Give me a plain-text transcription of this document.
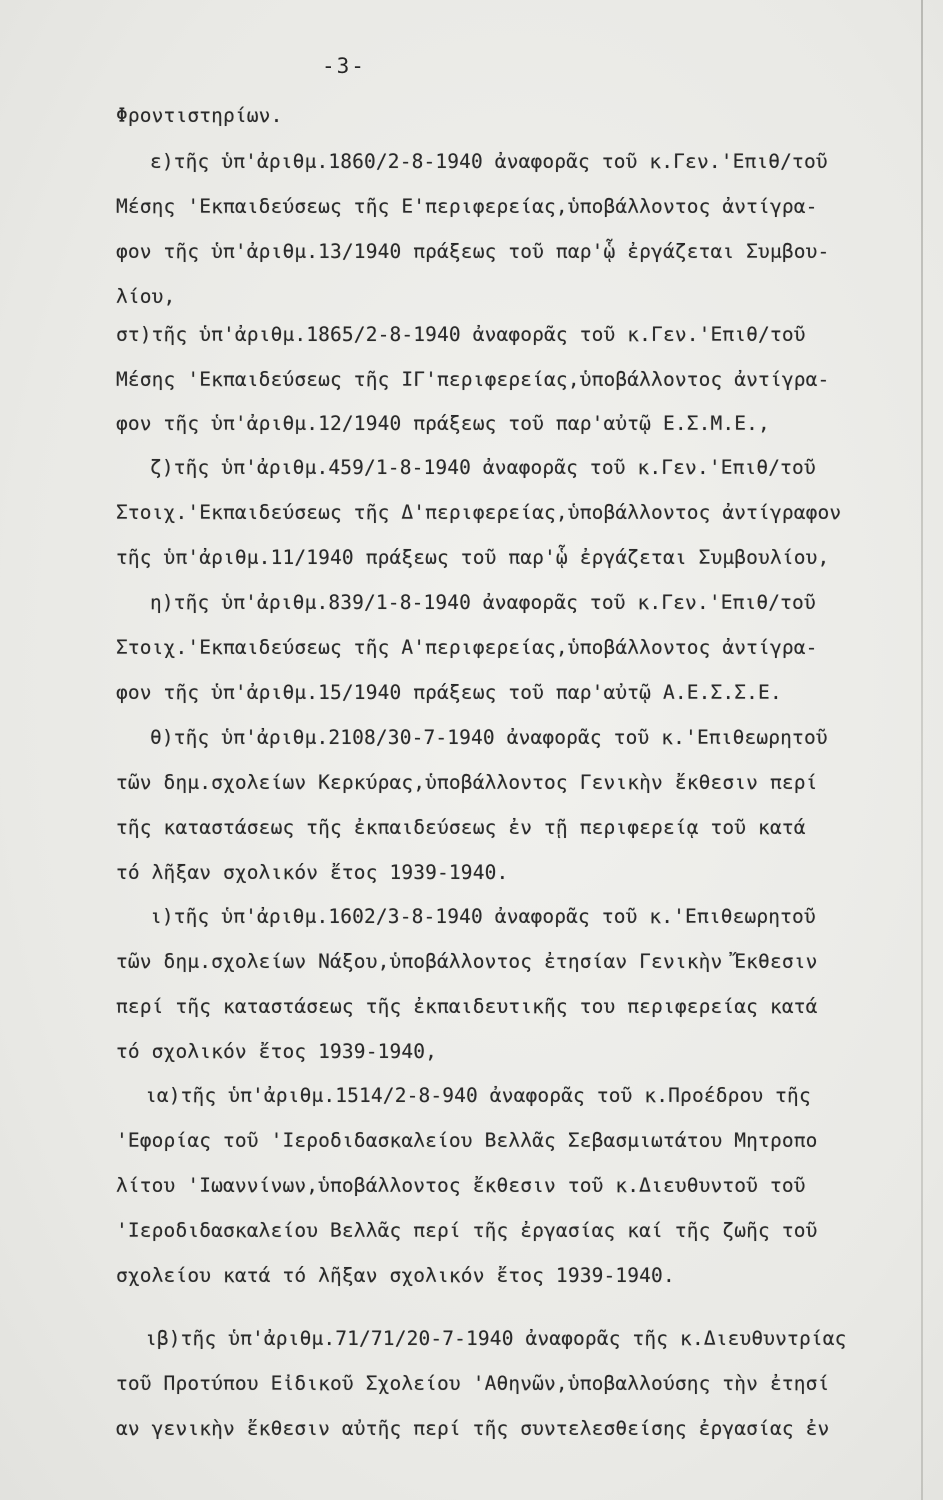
-3-
Φροντιστηρίων.
ε)τῆς ὑπ'ἀριθμ.1860/2-8-1940 ἀναφορᾶς τοῦ κ.Γεν.'Επιθ/τοῦ
Μέσης 'Εκπαιδεύσεως τῆς Ε'περιφερείας,ὑποβάλλοντος ἀντίγρα-
φον τῆς ὑπ'ἀριθμ.13/1940 πράξεως τοῦ παρ'ᾧ ἐργάζεται Συμβου-
λίου,
στ)τῆς ὑπ'ἀριθμ.1865/2-8-1940 ἀναφορᾶς τοῦ κ.Γεν.'Επιθ/τοῦ
Μέσης 'Εκπαιδεύσεως τῆς ΙΓ'περιφερείας,ὑποβάλλοντος ἀντίγρα-
φον τῆς ὑπ'ἀριθμ.12/1940 πράξεως τοῦ παρ'αὐτῷ Ε.Σ.Μ.Ε.,
ζ)τῆς ὑπ'ἀριθμ.459/1-8-1940 ἀναφορᾶς τοῦ κ.Γεν.'Επιθ/τοῦ
Στοιχ.'Εκπαιδεύσεως τῆς Δ'περιφερείας,ὑποβάλλοντος ἀντίγραφον
τῆς ὑπ'ἀριθμ.11/1940 πράξεως τοῦ παρ'ᾧ ἐργάζεται Συμβουλίου,
η)τῆς ὑπ'ἀριθμ.839/1-8-1940 ἀναφορᾶς τοῦ κ.Γεν.'Επιθ/τοῦ
Στοιχ.'Εκπαιδεύσεως τῆς Α'περιφερείας,ὑποβάλλοντος ἀντίγρα-
φον τῆς ὑπ'ἀριθμ.15/1940 πράξεως τοῦ παρ'αὐτῷ Α.Ε.Σ.Σ.Ε.
θ)τῆς ὑπ'ἀριθμ.2108/30-7-1940 ἀναφορᾶς τοῦ κ.'Επιθεωρητοῦ
τῶν δημ.σχολείων Κερκύρας,ὑποβάλλοντος Γενικὴν ἔκθεσιν περί
τῆς καταστάσεως τῆς ἐκπαιδεύσεως ἐν τῇ περιφερείᾳ τοῦ κατά
τό λῆξαν σχολικόν ἔτος 1939-1940.
ι)τῆς ὑπ'ἀριθμ.1602/3-8-1940 ἀναφορᾶς τοῦ κ.'Επιθεωρητοῦ
τῶν δημ.σχολείων Νάξου,ὑποβάλλοντος ἐτησίαν Γενικὴν Ἔκθεσιν
περί τῆς καταστάσεως τῆς ἐκπαιδευτικῆς του περιφερείας κατά
τό σχολικόν ἔτος 1939-1940,
ια)τῆς ὑπ'ἀριθμ.1514/2-8-940 ἀναφορᾶς τοῦ κ.Προέδρου τῆς
'Εφορίας τοῦ 'Ιεροδιδασκαλείου Βελλᾶς Σεβασμιωτάτου Μητροπο
λίτου 'Ιωαννίνων,ὑποβάλλοντος ἔκθεσιν τοῦ κ.Διευθυντοῦ τοῦ
'Ιεροδιδασκαλείου Βελλᾶς περί τῆς ἐργασίας καί τῆς ζωῆς τοῦ
σχολείου κατά τό λῆξαν σχολικόν ἔτος 1939-1940.
ιβ)τῆς ὑπ'ἀριθμ.71/71/20-7-1940 ἀναφορᾶς τῆς κ.Διευθυντρίας
τοῦ Προτύπου Εἰδικοῦ Σχολείου 'Αθηνῶν,ὑποβαλλούσης τὴν ἐτησί
αν γενικὴν ἔκθεσιν αὐτῆς περί τῆς συντελεσθείσης ἐργασίας ἐν
